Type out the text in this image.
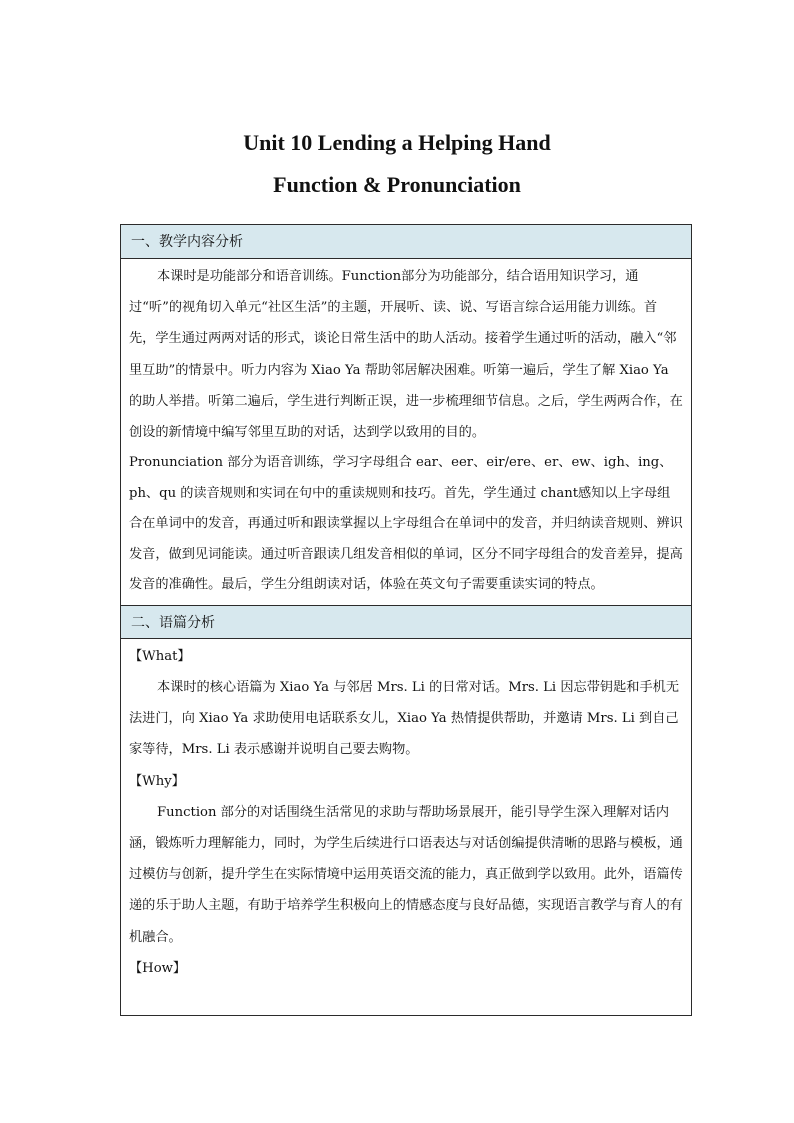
Unit 10 Lending a Helping Hand
Function & Pronunciation
一、教学内容分析

本课时是功能部分和语音训练。Function部分为功能部分，结合语用知识学习，通过“听”的视角切入单元“社区生活”的主题，开展听、读、说、写语言综合运用能力训练。首先，学生通过两两对话的形式，谈论日常生活中的助人活动。接着学生通过听的活动，融入“邻里互助”的情景中。听力内容为 Xiao Ya 帮助邻居解决困难。听第一遍后，学生了解 Xiao Ya 的助人举措。听第二遍后，学生进行判断正误，进一步梳理细节信息。之后，学生两两合作，在创设的新情境中编写邻里互助的对话，达到学以致用的目的。

Pronunciation 部分为语音训练，学习字母组合 ear、eer、eir/ere、er、ew、igh、ing、ph、qu 的读音规则和实词在句中的重读规则和技巧。首先，学生通过 chant感知以上字母组合在单词中的发音，再通过听和跟读掌握以上字母组合在单词中的发音，并归纳读音规则、辨识发音，做到见词能读。通过听音跟读几组发音相似的单词，区分不同字母组合的发音差异，提高发音的准确性。最后，学生分组朗读对话，体验在英文句子需要重读实词的特点。

二、语篇分析

【What】

本课时的核心语篇为 Xiao Ya 与邻居 Mrs. Li 的日常对话。Mrs. Li 因忘带钥匙和手机无法进门，向 Xiao Ya 求助使用电话联系女儿，Xiao Ya 热情提供帮助，并邀请 Mrs. Li 到自己家等待，Mrs. Li 表示感谢并说明自己要去购物。

【Why】

Function 部分的对话围绕生活常见的求助与帮助场景展开，能引导学生深入理解对话内涵，锻炼听力理解能力，同时，为学生后续进行口语表达与对话创编提供清晰的思路与模板，通过模仿与创新，提升学生在实际情境中运用英语交流的能力，真正做到学以致用。此外，语篇传递的乐于助人主题，有助于培养学生积极向上的情感态度与良好品德，实现语言教学与育人的有机融合。

【How】
